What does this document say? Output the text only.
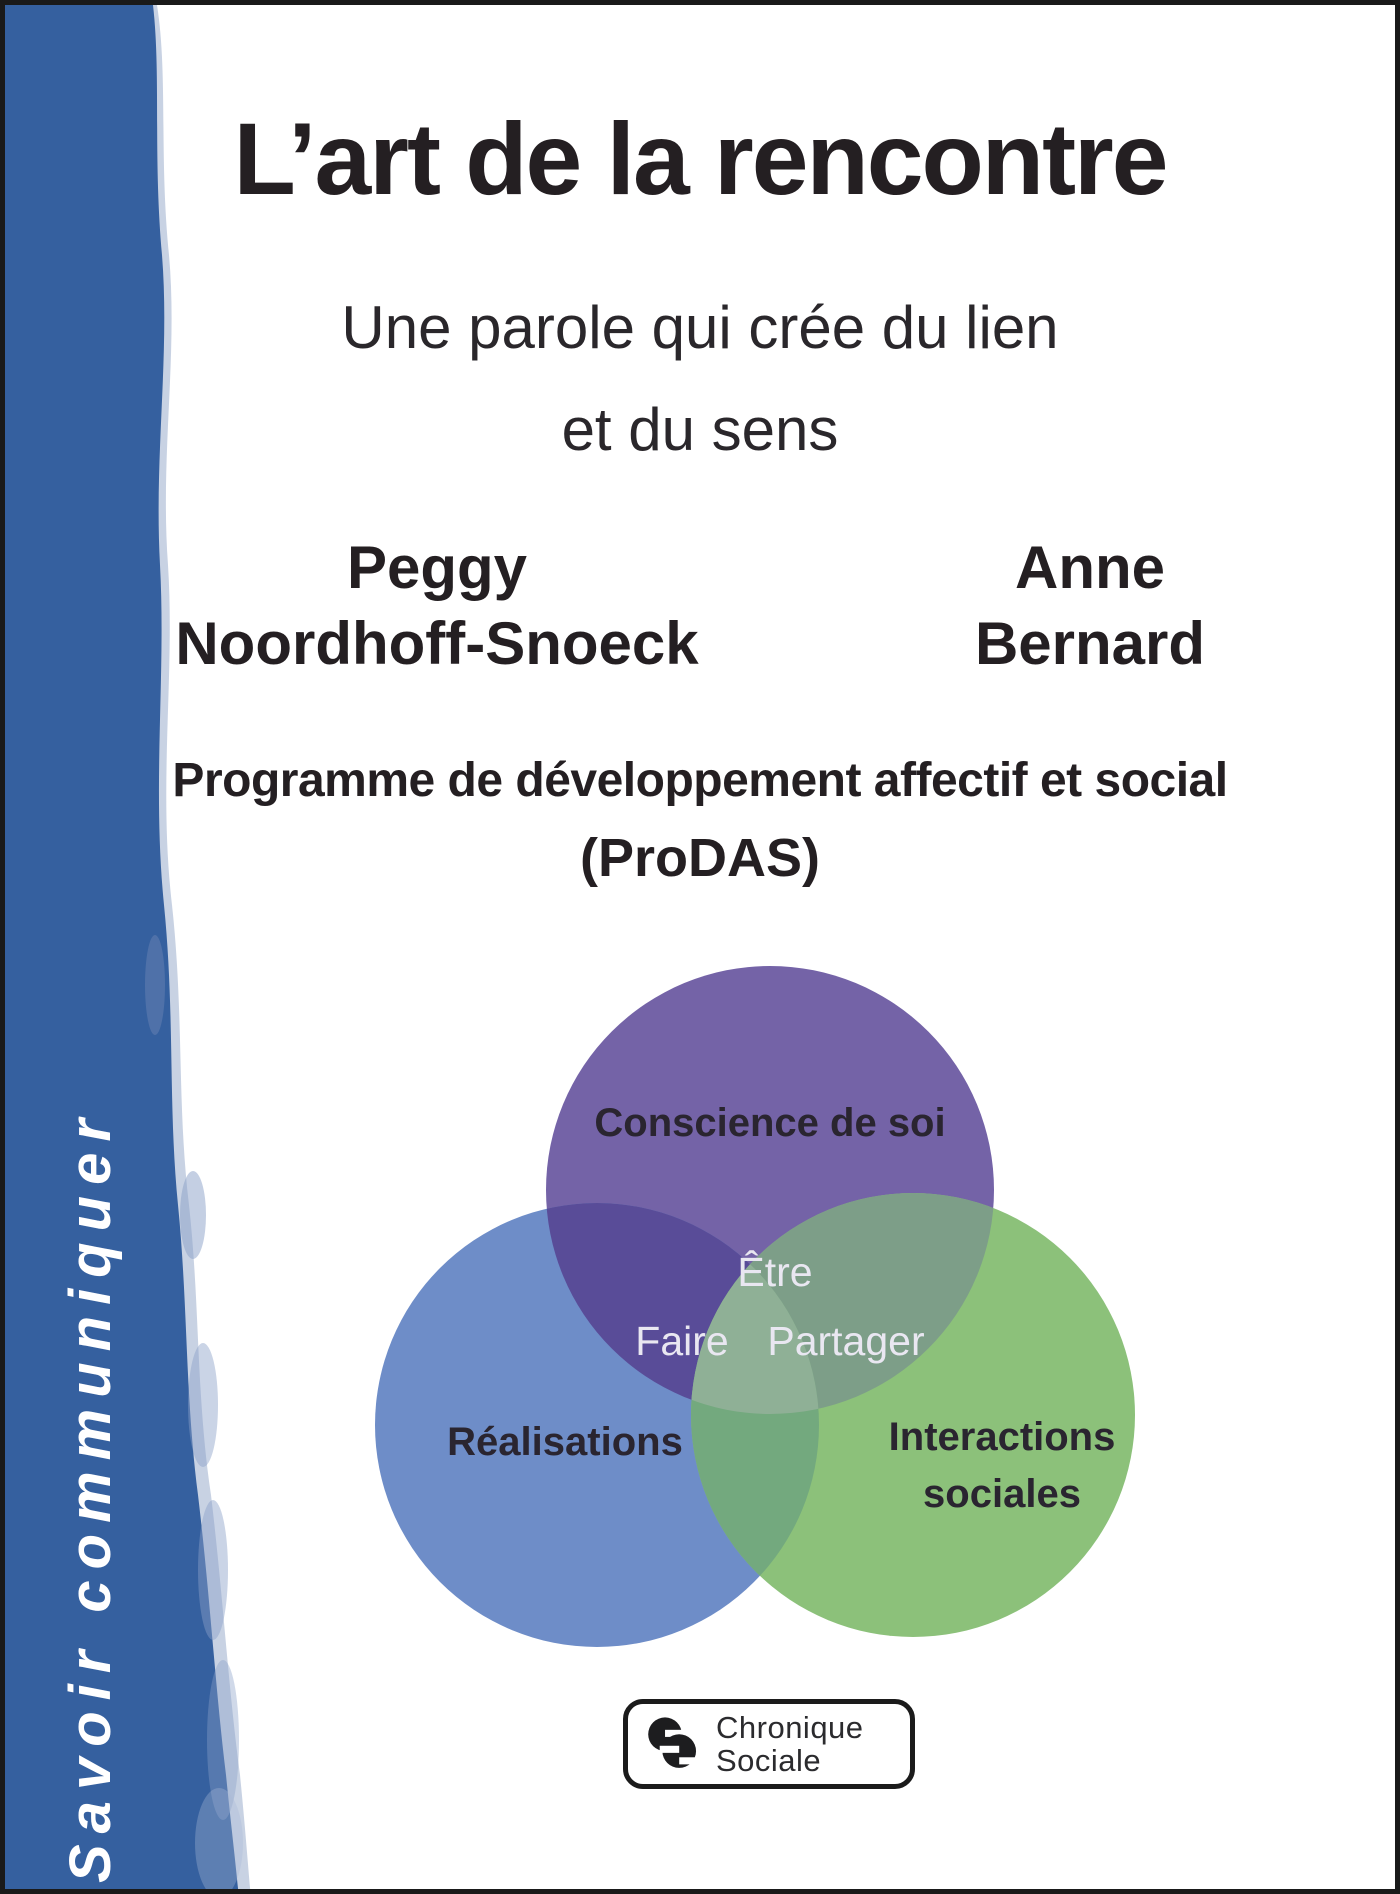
Savoir communiquer
L’art de la rencontre
Une parole qui crée du lien
et du sens
Peggy
Noordhoff-Snoeck
Anne
Bernard
Programme de développement affectif et social
(ProDAS)
Conscience de soi
Réalisations	Interactions
sociales
Être
Faire Partager
Chronique
Sociale
